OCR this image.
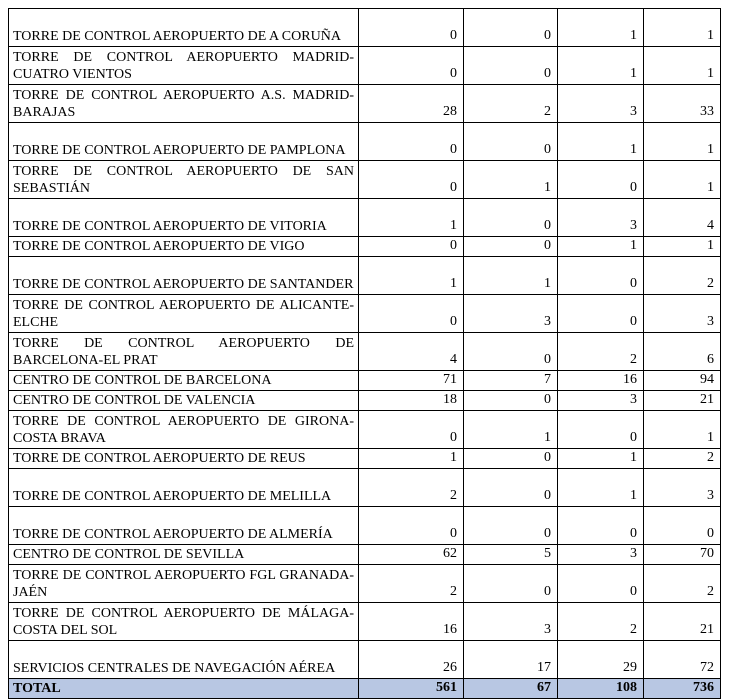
TORRE DE CONTROL AEROPUERTO DE A CORUÑA	0	0	1	1
TORRE DE CONTROL AEROPUERTO MADRID-CUATRO VIENTOS	0	0	1	1
TORRE DE CONTROL AEROPUERTO A.S. MADRID-BARAJAS	28	2	3	33
TORRE DE CONTROL AEROPUERTO DE PAMPLONA	0	0	1	1
TORRE DE CONTROL AEROPUERTO DE SAN SEBASTIÁN	0	1	0	1
TORRE DE CONTROL AEROPUERTO DE VITORIA	1	0	3	4
TORRE DE CONTROL AEROPUERTO DE VIGO	0	0	1	1
TORRE DE CONTROL AEROPUERTO DE SANTANDER	1	1	0	2
TORRE DE CONTROL AEROPUERTO DE ALICANTE-ELCHE	0	3	0	3
TORRE DE CONTROL AEROPUERTO DE BARCELONA-EL PRAT	4	0	2	6
CENTRO DE CONTROL DE BARCELONA	71	7	16	94
CENTRO DE CONTROL DE VALENCIA	18	0	3	21
TORRE DE CONTROL AEROPUERTO DE GIRONA-COSTA BRAVA	0	1	0	1
TORRE DE CONTROL AEROPUERTO DE REUS	1	0	1	2
TORRE DE CONTROL AEROPUERTO DE MELILLA	2	0	1	3
TORRE DE CONTROL AEROPUERTO DE ALMERÍA	0	0	0	0
CENTRO DE CONTROL DE SEVILLA	62	5	3	70
TORRE DE CONTROL AEROPUERTO FGL GRANADA-JAÉN	2	0	0	2
TORRE DE CONTROL AEROPUERTO DE MÁLAGA-COSTA DEL SOL	16	3	2	21
SERVICIOS CENTRALES DE NAVEGACIÓN AÉREA	26	17	29	72
TOTAL	561	67	108	736
